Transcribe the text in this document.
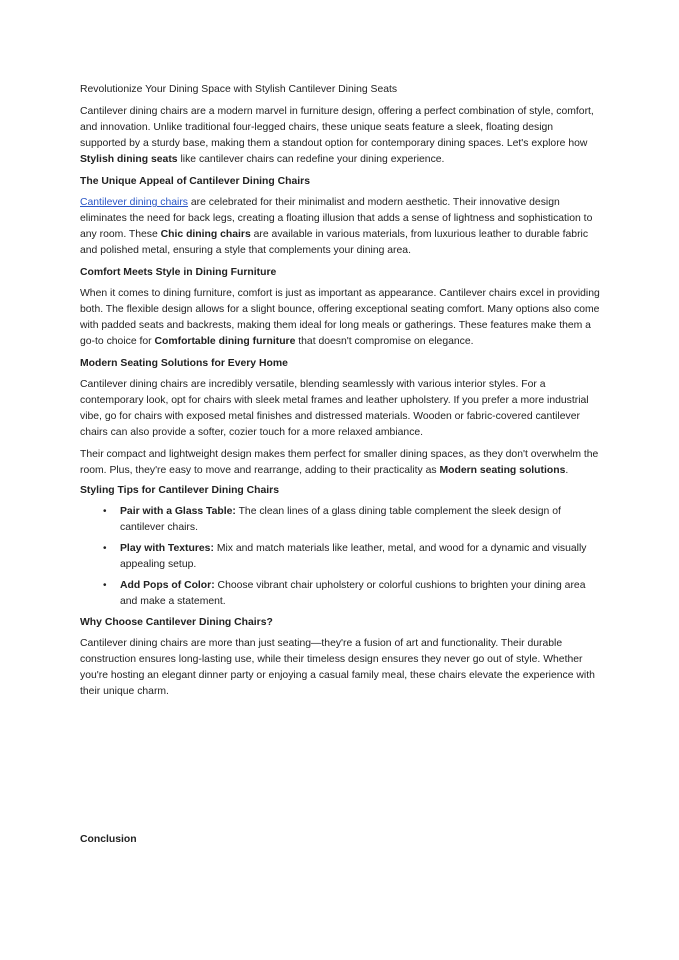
Revolutionize Your Dining Space with Stylish Cantilever Dining Seats

Cantilever dining chairs are a modern marvel in furniture design, offering a perfect combination of style, comfort, and innovation. Unlike traditional four-legged chairs, these unique seats feature a sleek, floating design supported by a sturdy base, making them a standout option for contemporary dining spaces. Let's explore how Stylish dining seats like cantilever chairs can redefine your dining experience.

The Unique Appeal of Cantilever Dining Chairs

Cantilever dining chairs are celebrated for their minimalist and modern aesthetic. Their innovative design eliminates the need for back legs, creating a floating illusion that adds a sense of lightness and sophistication to any room. These Chic dining chairs are available in various materials, from luxurious leather to durable fabric and polished metal, ensuring a style that complements your dining area.

Comfort Meets Style in Dining Furniture

When it comes to dining furniture, comfort is just as important as appearance. Cantilever chairs excel in providing both. The flexible design allows for a slight bounce, offering exceptional seating comfort. Many options also come with padded seats and backrests, making them ideal for long meals or gatherings. These features make them a go-to choice for Comfortable dining furniture that doesn't compromise on elegance.

Modern Seating Solutions for Every Home

Cantilever dining chairs are incredibly versatile, blending seamlessly with various interior styles. For a contemporary look, opt for chairs with sleek metal frames and leather upholstery. If you prefer a more industrial vibe, go for chairs with exposed metal finishes and distressed materials. Wooden or fabric-covered cantilever chairs can also provide a softer, cozier touch for a more relaxed ambiance.

Their compact and lightweight design makes them perfect for smaller dining spaces, as they don't overwhelm the room. Plus, they're easy to move and rearrange, adding to their practicality as Modern seating solutions.

Styling Tips for Cantilever Dining Chairs
• Pair with a Glass Table: The clean lines of a glass dining table complement the sleek design of cantilever chairs.
• Play with Textures: Mix and match materials like leather, metal, and wood for a dynamic and visually appealing setup.
• Add Pops of Color: Choose vibrant chair upholstery or colorful cushions to brighten your dining area and make a statement.
Why Choose Cantilever Dining Chairs?

Cantilever dining chairs are more than just seating—they're a fusion of art and functionality. Their durable construction ensures long-lasting use, while their timeless design ensures they never go out of style. Whether you're hosting an elegant dinner party or enjoying a casual family meal, these chairs elevate the experience with their unique charm.

Conclusion
